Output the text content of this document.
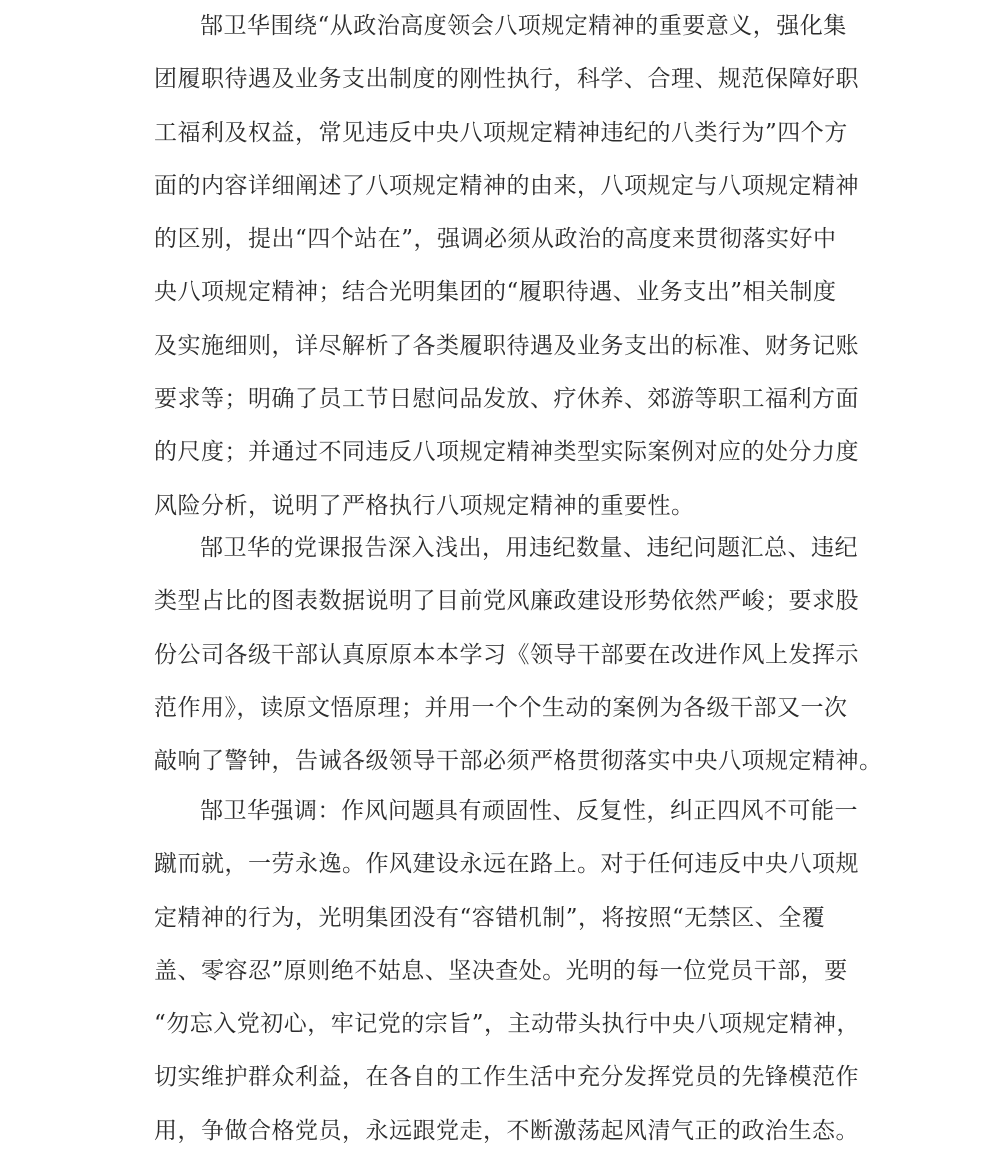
郜卫华围绕“从政治高度领会八项规定精神的重要意义，强化集
团履职待遇及业务支出制度的刚性执行，科学、合理、规范保障好职
工福利及权益，常见违反中央八项规定精神违纪的八类行为”四个方
面的内容详细阐述了八项规定精神的由来，八项规定与八项规定精神
的区别，提出“四个站在”，强调必须从政治的高度来贯彻落实好中
央八项规定精神；结合光明集团的“履职待遇、业务支出”相关制度
及实施细则，详尽解析了各类履职待遇及业务支出的标准、财务记账
要求等；明确了员工节日慰问品发放、疗休养、郊游等职工福利方面
的尺度；并通过不同违反八项规定精神类型实际案例对应的处分力度
风险分析，说明了严格执行八项规定精神的重要性。
郜卫华的党课报告深入浅出，用违纪数量、违纪问题汇总、违纪
类型占比的图表数据说明了目前党风廉政建设形势依然严峻；要求股
份公司各级干部认真原原本本学习《领导干部要在改进作风上发挥示
范作用》，读原文悟原理；并用一个个生动的案例为各级干部又一次
敲响了警钟，告诫各级领导干部必须严格贯彻落实中央八项规定精神。
郜卫华强调：作风问题具有顽固性、反复性，纠正四风不可能一
蹴而就，一劳永逸。作风建设永远在路上。对于任何违反中央八项规
定精神的行为，光明集团没有“容错机制”，将按照“无禁区、全覆
盖、零容忍”原则绝不姑息、坚决查处。光明的每一位党员干部，要
“勿忘入党初心，牢记党的宗旨”，主动带头执行中央八项规定精神，
切实维护群众利益，在各自的工作生活中充分发挥党员的先锋模范作
用，争做合格党员，永远跟党走，不断激荡起风清气正的政治生态。
